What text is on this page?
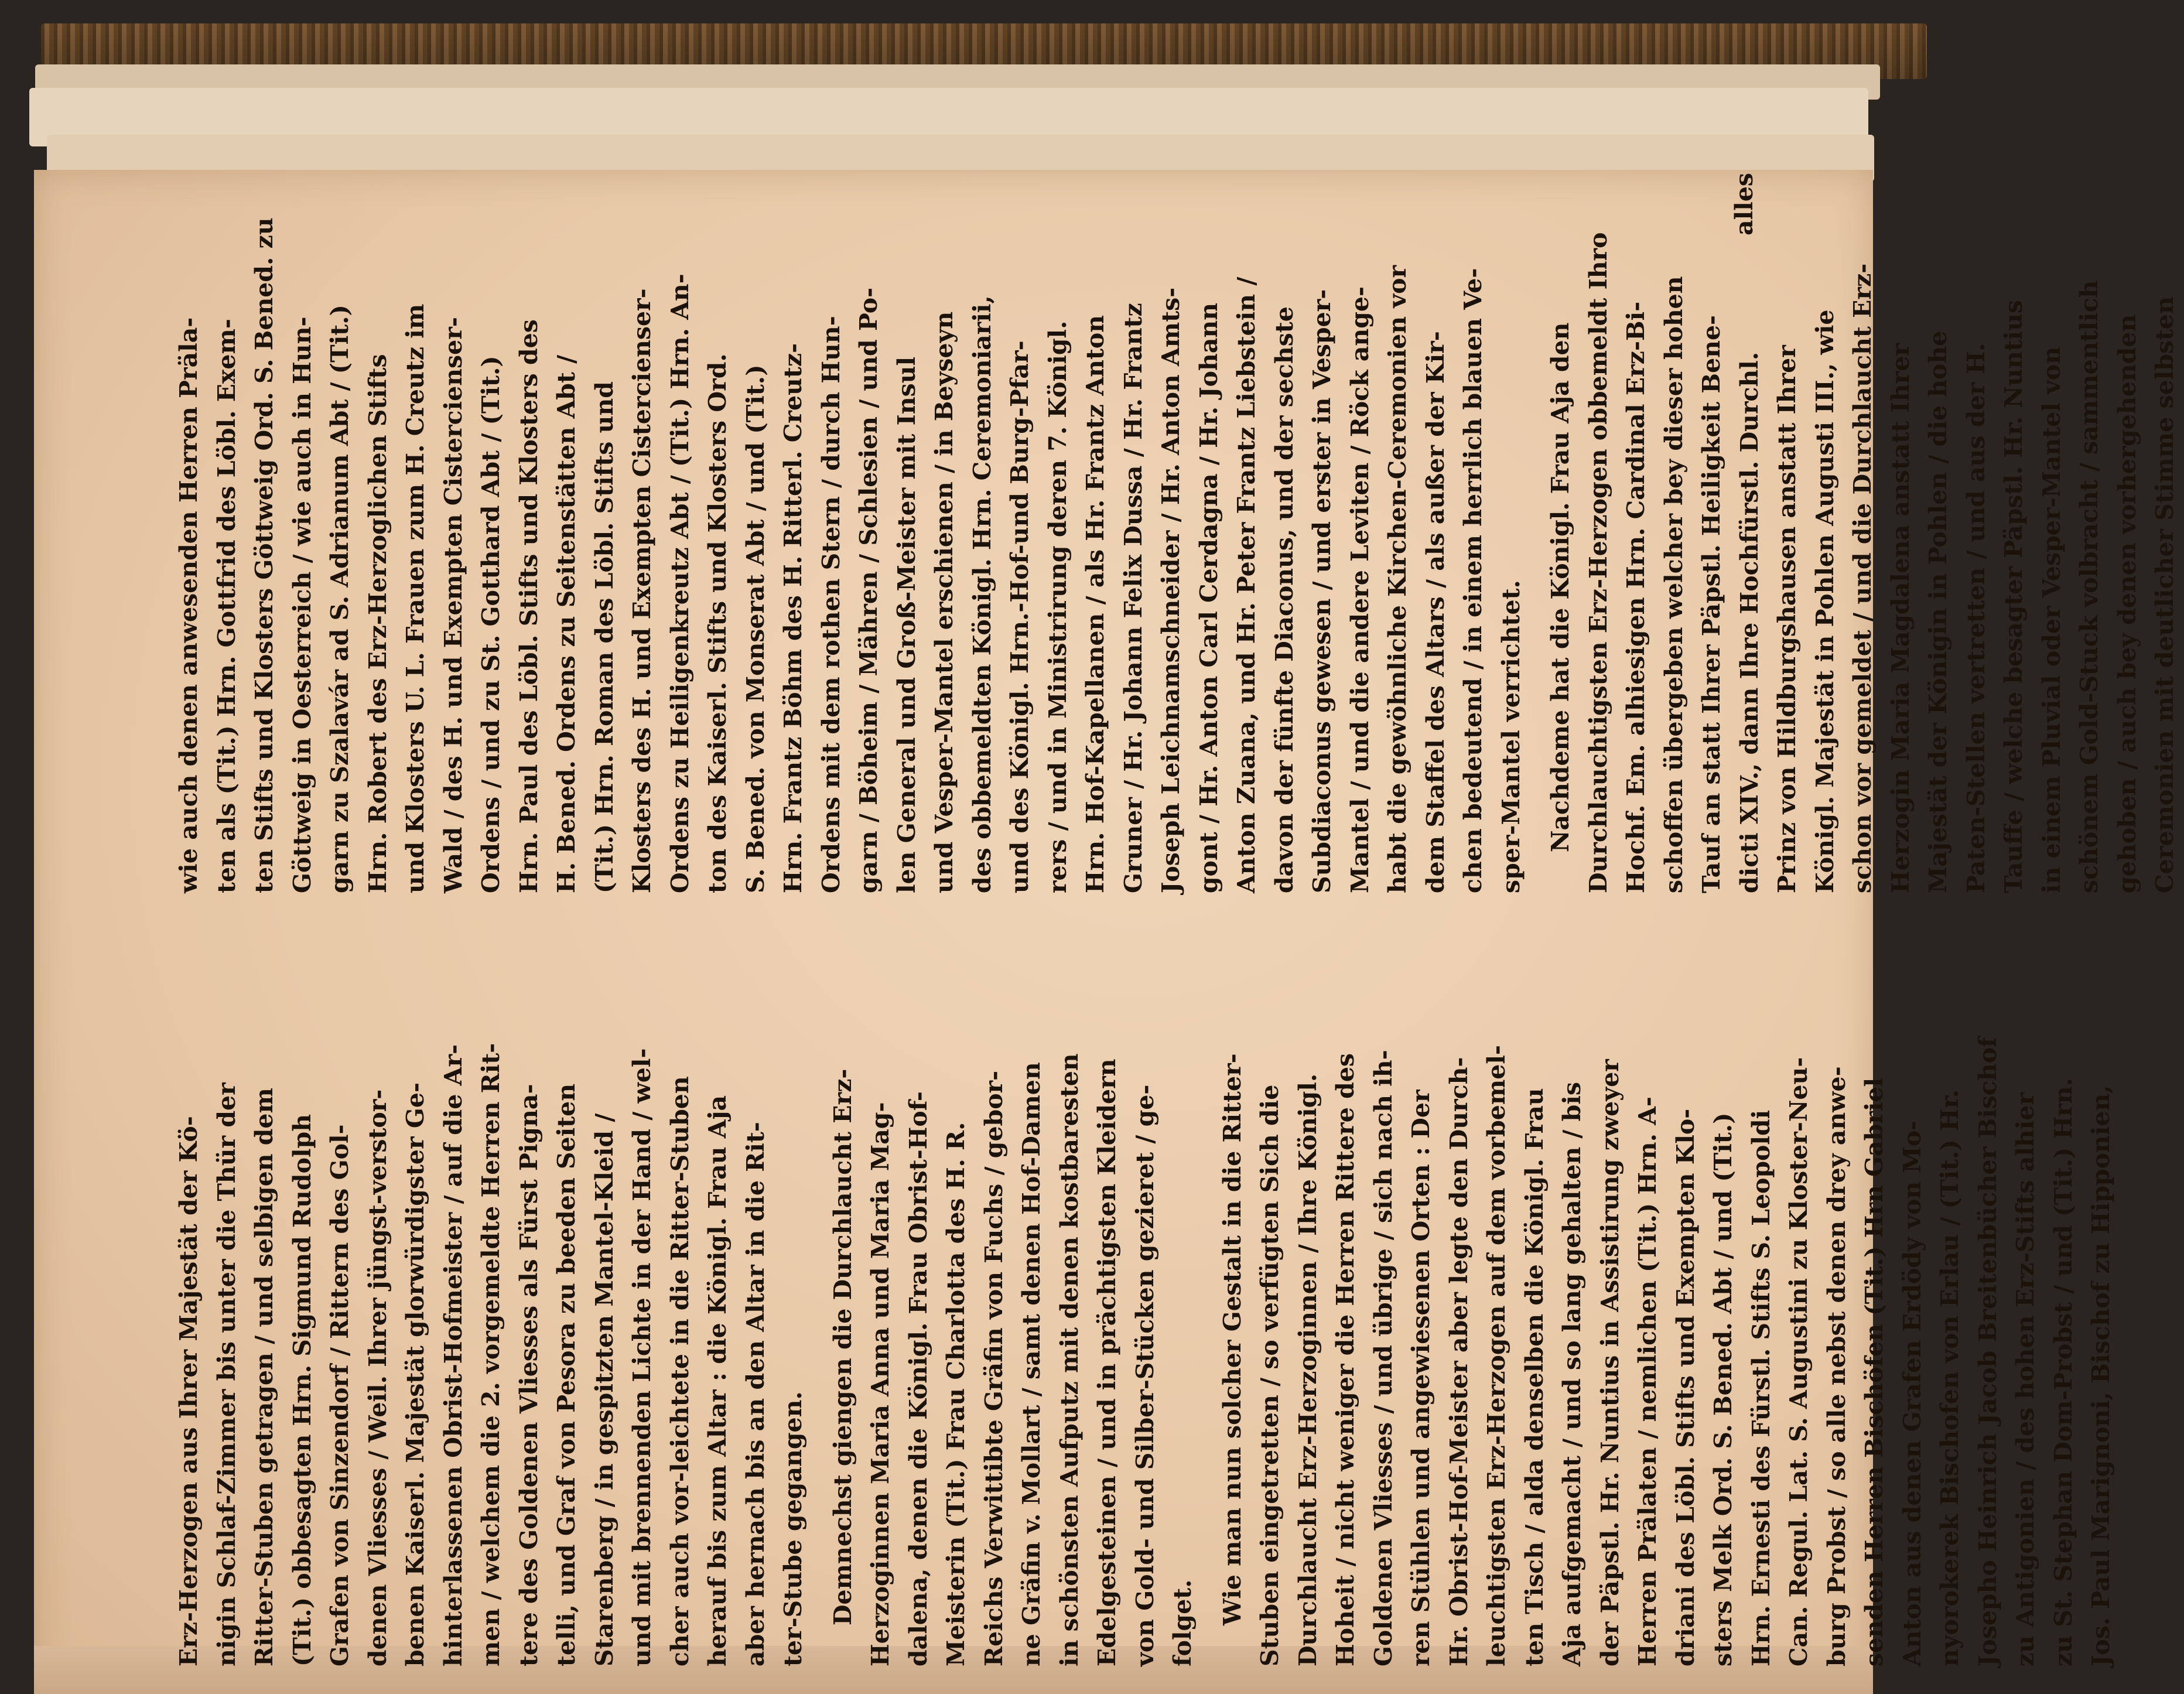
Erz-Herzogen aus Ihrer Majestät der Kö- nigin Schlaf-Zimmer bis unter die Thür der Ritter-Stuben getragen / und selbigen dem (Tit.) obbesagten Hrn. Sigmund Rudolph Grafen von Sinzendorf / Rittern des Gol- denen Vliesses / Weil. Ihrer jüngst-verstor- benen Kaiserl. Majestät glorwürdigster Ge- hinterlassenen Obrist-Hofmeister / auf die Ar- men / welchem die 2. vorgemeldte Herren Rit- tere des Goldenen Vliesses als Fürst Pigna- telli, und Graf von Pesora zu beeden Seiten Starenberg / in gespitzten Mantel-Kleid / und mit brennenden Lichte in der Hand / wel- cher auch vor-leichtete in die Ritter-Stuben herauf bis zum Altar : die Königl. Frau Aja aber hernach bis an den Altar in die Rit- ter-Stube gegangen. Demnechst giengen die Durchlaucht Erz- Herzoginnen Maria Anna und Maria Mag- dalena, denen die Königl. Frau Obrist-Hof- Meisterin (Tit.) Frau Charlotta des H. R. Reichs Verwittibte Gräfin von Fuchs / gebor- ne Gräfin v. Mollart / samt denen Hof-Damen in schönsten Aufputz mit denen kostbaresten Edelgesteinen / und in prächtigsten Kleidern von Gold- und Silber-Stücken gezieret / ge- folget. Wie man nun solcher Gestalt in die Ritter- Stuben eingetretten / so verfügten Sich die Durchlaucht Erz-Herzoginnen / Ihre Königl. Hoheit / nicht weniger die Herren Rittere des Goldenen Vliesses / und übrige / sich nach ih- ren Stühlen und angewiesenen Orten : Der Hr. Obrist-Hof-Meister aber legte den Durch- leuchtigsten Erz-Herzogen auf dem vorbemel- ten Tisch / alda denselben die Königl. Frau Aja aufgemacht / und so lang gehalten / bis der Päpstl. Hr. Nuntius in Assistirung zweyer Herren Prälaten / nemlichen (Tit.) Hrn. A- driani des Löbl. Stifts und Exempten Klo- sters Melk Ord. S. Bened. Abt / und (Tit.) Hrn. Ernesti des Fürstl. Stifts S. Leopoldi Can. Regul. Lat. S. Augustini zu Kloster-Neu- burg Probst / so alle nebst denen drey anwe- senden Herren Bischöfen (Tit.) Hrn Gabriel Anton aus denen Grafen Erdödy von Mo- nyorokerek Bischofen von Erlau / (Tit.) Hr. Josepho Heinrich Jacob Breitenbücher Bischof zu Antigonien / des hohen Erz-Stifts alhier zu St. Stephan Dom-Probst / und (Tit.) Hrn. Jos. Paul Marignoni, Bischof zu Hipponien,
wie auch denen anwesenden Herren Präla- ten als (Tit.) Hrn. Gottfrid des Löbl. Exem- ten Stifts und Klosters Göttweig Ord. S. Bened. zu Göttweig in Oesterreich / wie auch in Hun- garn zu Szalavár ad S. Adrianum Abt / (Tit.) Hrn. Robert des Erz-Herzoglichen Stifts und Klosters U. L. Frauen zum H. Creutz im Wald / des H. und Exempten Cistercienser- Ordens / und zu St. Gotthard Abt / (Tit.) Hrn. Paul des Löbl. Stifts und Klosters des H. Bened. Ordens zu Seitenstätten Abt / (Tit.) Hrn. Roman des Löbl. Stifts und Klosters des H. und Exempten Cistercienser- Ordens zu Heiligenkreutz Abt / (Tit.) Hrn. An- ton des Kaiserl. Stifts und Klosters Ord. S. Bened. von Monserat Abt / und (Tit.) Hrn. Frantz Böhm des H. Ritterl. Creutz- Ordens mit dem rothen Stern / durch Hun- garn / Böheim / Mähren / Schlesien / und Po- len General und Groß-Meister mit Insul und Vesper-Mantel erschienen / in Beyseyn des obbemeldten Königl. Hrn. Ceremoniarii, und des Königl. Hrn.-Hof-und Burg-Pfar- rers / und in Ministrirung deren 7. Königl. Hrn. Hof-Kapellanen / als Hr. Frantz Anton Gruner / Hr. Johann Felix Dussa / Hr. Frantz Joseph Leichnamschneider / Hr. Anton Amts- gont / Hr. Anton Carl Cerdagna / Hr. Johann Anton Zuana, und Hr. Peter Frantz Liebstein / davon der fünfte Diaconus, und der sechste Subdiaconus gewesen / und erster in Vesper- Mantel / und die andere Leviten / Röck ange- habt die gewöhnliche Kirchen-Ceremonien vor dem Staffel des Altars / als außer der Kir- chen bedeutend / in einem herrlich blauen Ve- sper-Mantel verrichtet. Nachdeme hat die Königl. Frau Aja den Durchlauchtigsten Erz-Herzogen obbemeldt Ihro Hochf. Em. alhiesigen Hrn. Cardinal Erz-Bi- schoffen übergeben welcher bey dieser hohen Tauf an statt Ihrer Päpstl. Heiligkeit Bene- dicti XIV., dann Ihre Hochfürstl. Durchl. Prinz von Hildburgshausen anstatt Ihrer Königl. Majestät in Pohlen Augusti III., wie schon vor gemeldet / und die Durchlaucht Erz- Herzogin Maria Magdalena anstatt Ihrer Majestät der Königin in Pohlen / die hohe Paten-Stellen vertretten / und aus der H. Tauffe / welche besagter Päpstl. Hr. Nuntius in einem Pluvial oder Vesper-Mantel von schönem Gold-Stuck volbracht / sammentlich gehoben / auch bey denen vorhergehenden Ceremonien mit deutlicher Stimme selbsten
alles
